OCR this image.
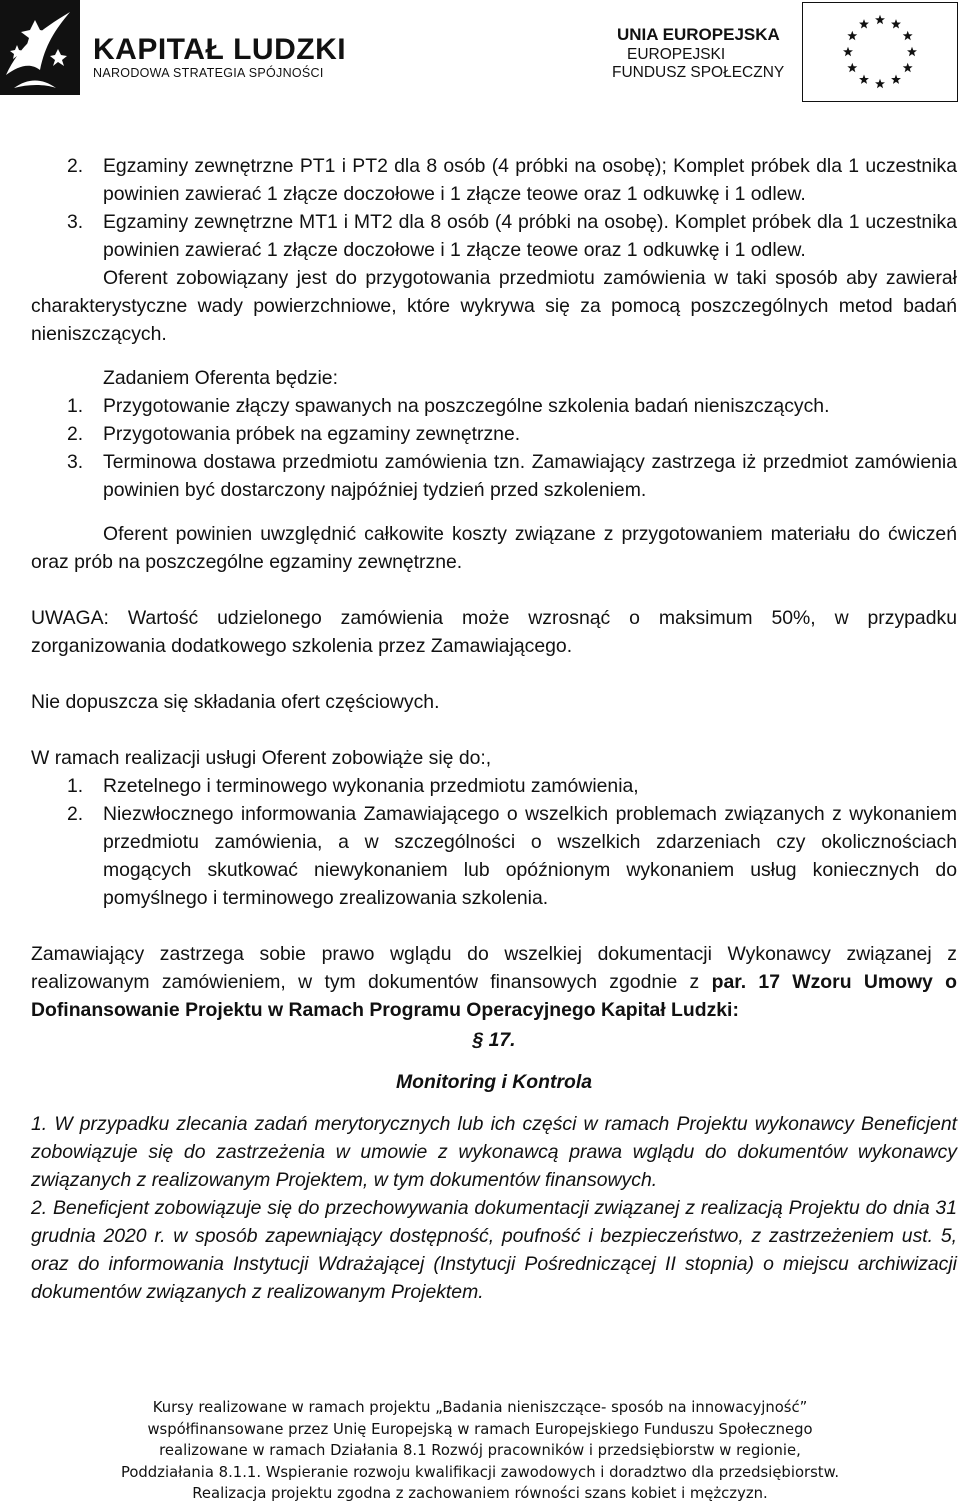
KAPITAŁ LUDZKI
NARODOWA STRATEGIA SPÓJNOŚCI
UNIA EUROPEJSKA
EUROPEJSKI
FUNDUSZ SPOŁECZNY
2.	Egzaminy zewnętrzne PT1 i PT2 dla 8 osób (4 próbki na osobę); Komplet próbek dla 1 uczestnika powinien zawierać 1 złącze doczołowe i 1 złącze teowe oraz 1 odkuwkę i 1 odlew.
3.	Egzaminy zewnętrzne MT1 i MT2 dla 8 osób (4 próbki na osobę). Komplet próbek dla 1 uczestnika powinien zawierać 1 złącze doczołowe i 1 złącze teowe oraz 1 odkuwkę i 1 odlew.

Oferent zobowiązany jest do przygotowania przedmiotu zamówienia w taki sposób aby zawierał charakterystyczne wady powierzchniowe, które wykrywa się za pomocą poszczególnych metod badań nieniszczących.

Zadaniem Oferenta będzie:

1.	Przygotowanie złączy spawanych na poszczególne szkolenia badań nieniszczących.
2.	Przygotowania próbek na egzaminy zewnętrzne.
3.	Terminowa dostawa przedmiotu zamówienia tzn. Zamawiający zastrzega iż przedmiot zamówienia powinien być dostarczony najpóźniej tydzień przed szkoleniem.

Oferent powinien uwzględnić całkowite koszty związane z przygotowaniem materiału do ćwiczeń oraz prób na poszczególne egzaminy zewnętrzne.

UWAGA: Wartość udzielonego zamówienia może wzrosnąć o maksimum 50%, w przypadku zorganizowania dodatkowego szkolenia przez Zamawiającego.

Nie dopuszcza się składania ofert częściowych.

W ramach realizacji usługi Oferent zobowiąże się do:,

1.	Rzetelnego i terminowego wykonania przedmiotu zamówienia,
2.	Niezwłocznego informowania Zamawiającego o wszelkich problemach związanych z wykonaniem przedmiotu zamówienia, a w szczególności o wszelkich zdarzeniach czy okolicznościach mogących skutkować niewykonaniem lub opóźnionym wykonaniem usług koniecznych do pomyślnego i terminowego zrealizowania szkolenia.

Zamawiający zastrzega sobie prawo wglądu do wszelkiej dokumentacji Wykonawcy związanej z realizowanym zamówieniem, w tym dokumentów finansowych zgodnie z par. 17 Wzoru Umowy o Dofinansowanie Projektu w Ramach Programu Operacyjnego Kapitał Ludzki:

§ 17.

Monitoring i Kontrola

1. W przypadku zlecania zadań merytorycznych lub ich części w ramach Projektu wykonawcy Beneficjent zobowiązuje się do zastrzeżenia w umowie z wykonawcą prawa wglądu do dokumentów wykonawcy związanych z realizowanym Projektem, w tym dokumentów finansowych.

2. Beneficjent zobowiązuje się do przechowywania dokumentacji związanej z realizacją Projektu do dnia 31 grudnia 2020 r. w sposób zapewniający dostępność, poufność i bezpieczeństwo, z zastrzeżeniem ust. 5, oraz do informowania Instytucji Wdrażającej (Instytucji Pośredniczącej II stopnia) o miejscu archiwizacji dokumentów związanych z realizowanym Projektem.

Kursy realizowane w ramach projektu „Badania nieniszczące- sposób na innowacyjność”
współfinansowane przez Unię Europejską w ramach Europejskiego Funduszu Społecznego
realizowane w ramach Działania 8.1 Rozwój pracowników i przedsiębiorstw w regionie,
Poddziałania 8.1.1. Wspieranie rozwoju kwalifikacji zawodowych i doradztwo dla przedsiębiorstw.
Realizacja projektu zgodna z zachowaniem równości szans kobiet i mężczyzn.
